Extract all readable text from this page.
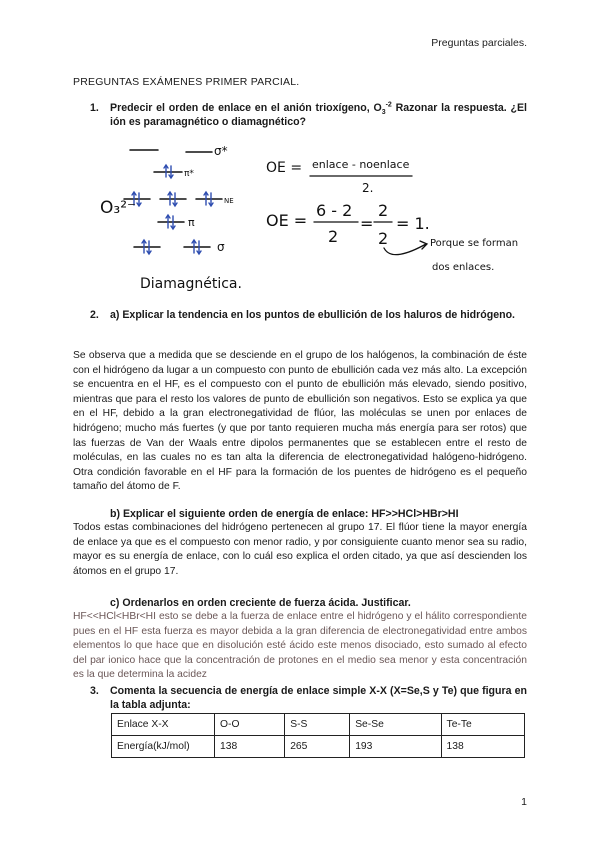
Preguntas parciales.
PREGUNTAS EXÁMENES PRIMER PARCIAL.
1. Predecir el orden de enlace en el anión trioxígeno, $O_3^{-2}$ Razonar la respuesta. ¿El ión es paramagnético o diamagnético?
σ*
π*
NE
π
σ
O₃²⁻
Diamagnética.
OE = enlace - noenlace
2.
OE =
6 - 2
2
=
2
2
= 1.
Porque se forman
dos enlaces.
2. a) Explicar la tendencia en los puntos de ebullición de los haluros de hidrógeno.
Se observa que a medida que se desciende en el grupo de los halógenos, la combinación de éste con el hidrógeno da lugar a un compuesto con punto de ebullición cada vez más alto. La excepción se encuentra en el HF, es el compuesto con el punto de ebullición más elevado, siendo positivo, mientras que para el resto los valores de punto de ebullición son negativos. Esto se explica ya que en el HF, debido a la gran electronegatividad de flúor, las moléculas se unen por enlaces de hidrógeno; mucho más fuertes (y que por tanto requieren mucha más energía para ser rotos) que las fuerzas de Van der Waals entre dipolos permanentes que se establecen entre el resto de moléculas, en las cuales no es tan alta la diferencia de electronegatividad halógeno-hidrógeno. Otra condición favorable en el HF para la formación de los puentes de hidrógeno es el pequeño tamaño del átomo de F.
b) Explicar el siguiente orden de energía de enlace: HF>>HCl>HBr>HI
Todos estas combinaciones del hidrógeno pertenecen al grupo 17. El flúor tiene la mayor energía de enlace ya que es el compuesto con menor radio, y por consiguiente cuanto menor sea su radio, mayor es su energía de enlace, con lo cuál eso explica el orden citado, ya que así descienden los átomos en el grupo 17.
c) Ordenarlos en orden creciente de fuerza ácida. Justificar.
HF<<HCl<HBr<HI esto se debe a la fuerza de enlace entre el hidrógeno y el hálito correspondiente pues en el HF esta fuerza es mayor debida a la gran diferencia de electronegatividad entre ambos elementos lo que hace que en disolución esté ácido este menos disociado, esto sumado al efecto del par ionico hace que la concentración de protones en el medio sea menor y esta concentración es la que determina la acidez
3. Comenta la secuencia de energía de enlace simple X-X (X=Se,S y Te) que figura en la tabla adjunta:
Enlace X-X	O-O	S-S	Se-Se	Te-Te
Energía(kJ/mol)	138	265	193	138
1
